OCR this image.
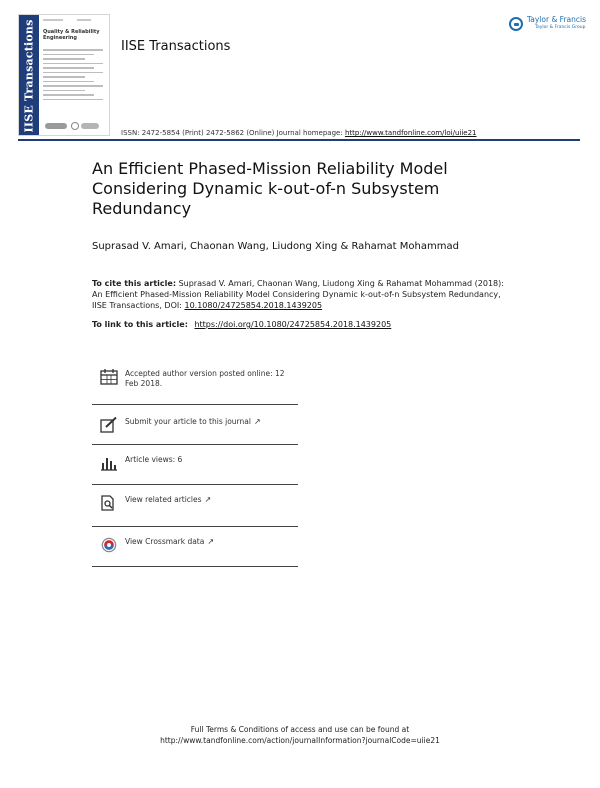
IISE Transactions Quality & Reliability Engineering
IISE Transactions
Taylor & Francis
Taylor & Francis Group
ISSN: 2472-5854 (Print) 2472-5862 (Online) Journal homepage: http://www.tandfonline.com/loi/uiie21
An Efficient Phased-Mission Reliability Model Considering Dynamic k-out-of-n Subsystem Redundancy
Suprasad V. Amari, Chaonan Wang, Liudong Xing & Rahamat Mohammad
To cite this article: Suprasad V. Amari, Chaonan Wang, Liudong Xing & Rahamat Mohammad (2018): An Efficient Phased-Mission Reliability Model Considering Dynamic k-out-of-n Subsystem Redundancy, IISE Transactions, DOI: 10.1080/24725854.2018.1439205
To link to this article: https://doi.org/10.1080/24725854.2018.1439205
Accepted author version posted online: 12 Feb 2018.
Submit your article to this journal ↗
Article views: 6
View related articles ↗
View Crossmark data ↗
Full Terms & Conditions of access and use can be found at
http://www.tandfonline.com/action/journalInformation?journalCode=uiie21
